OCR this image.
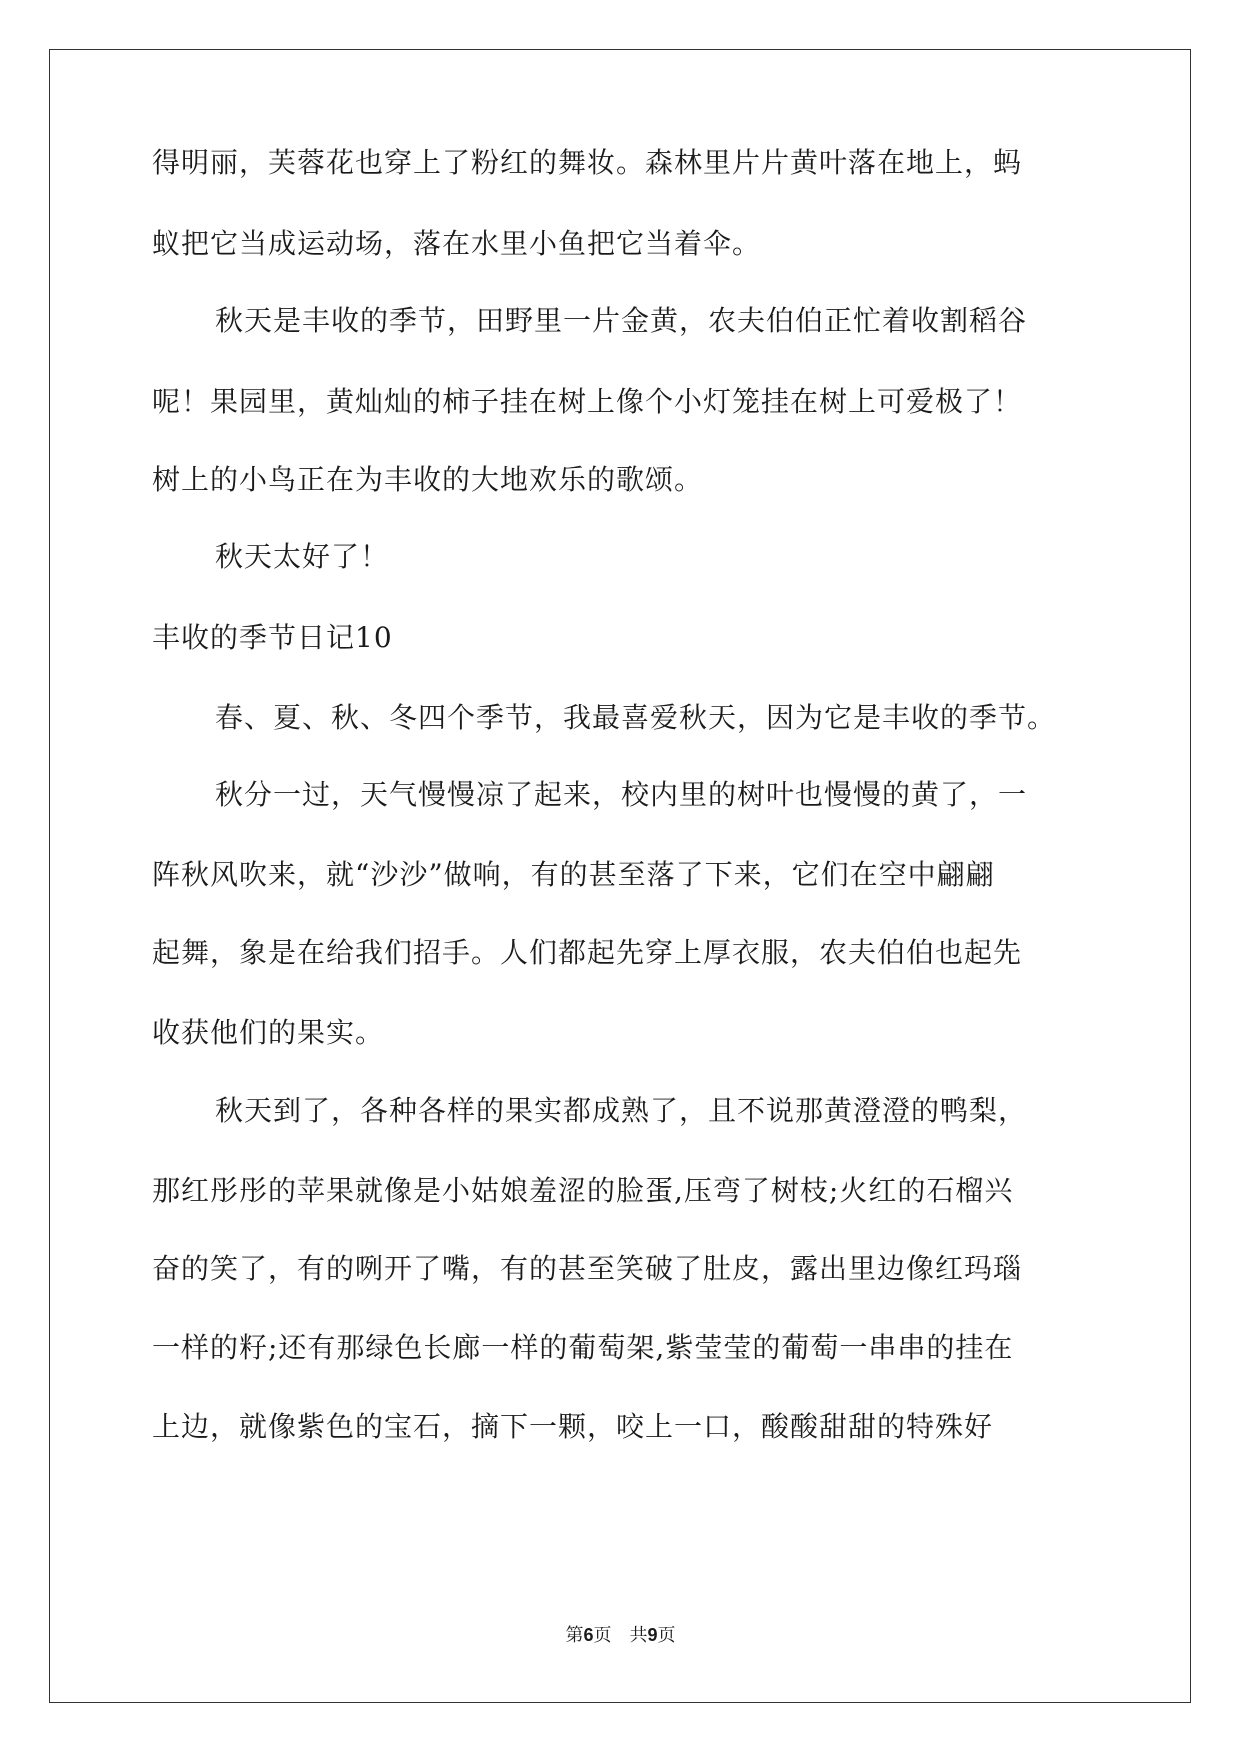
得明丽，芙蓉花也穿上了粉红的舞妆。森林里片片黄叶落在地上，蚂
蚁把它当成运动场，落在水里小鱼把它当着伞。
秋天是丰收的季节，田野里一片金黄，农夫伯伯正忙着收割稻谷
呢！果园里，黄灿灿的柿子挂在树上像个小灯笼挂在树上可爱极了！
树上的小鸟正在为丰收的大地欢乐的歌颂。
秋天太好了！
丰收的季节日记10
春、夏、秋、冬四个季节，我最喜爱秋天，因为它是丰收的季节。
秋分一过，天气慢慢凉了起来，校内里的树叶也慢慢的黄了，一
阵秋风吹来，就“沙沙”做响，有的甚至落了下来，它们在空中翩翩
起舞，象是在给我们招手。人们都起先穿上厚衣服，农夫伯伯也起先
收获他们的果实。
秋天到了，各种各样的果实都成熟了，且不说那黄澄澄的鸭梨，
那红彤彤的苹果就像是小姑娘羞涩的脸蛋,压弯了树枝;火红的石榴兴
奋的笑了，有的咧开了嘴，有的甚至笑破了肚皮，露出里边像红玛瑙
一样的籽;还有那绿色长廊一样的葡萄架,紫莹莹的葡萄一串串的挂在
上边，就像紫色的宝石，摘下一颗，咬上一口，酸酸甜甜的特殊好
第6页　共9页
